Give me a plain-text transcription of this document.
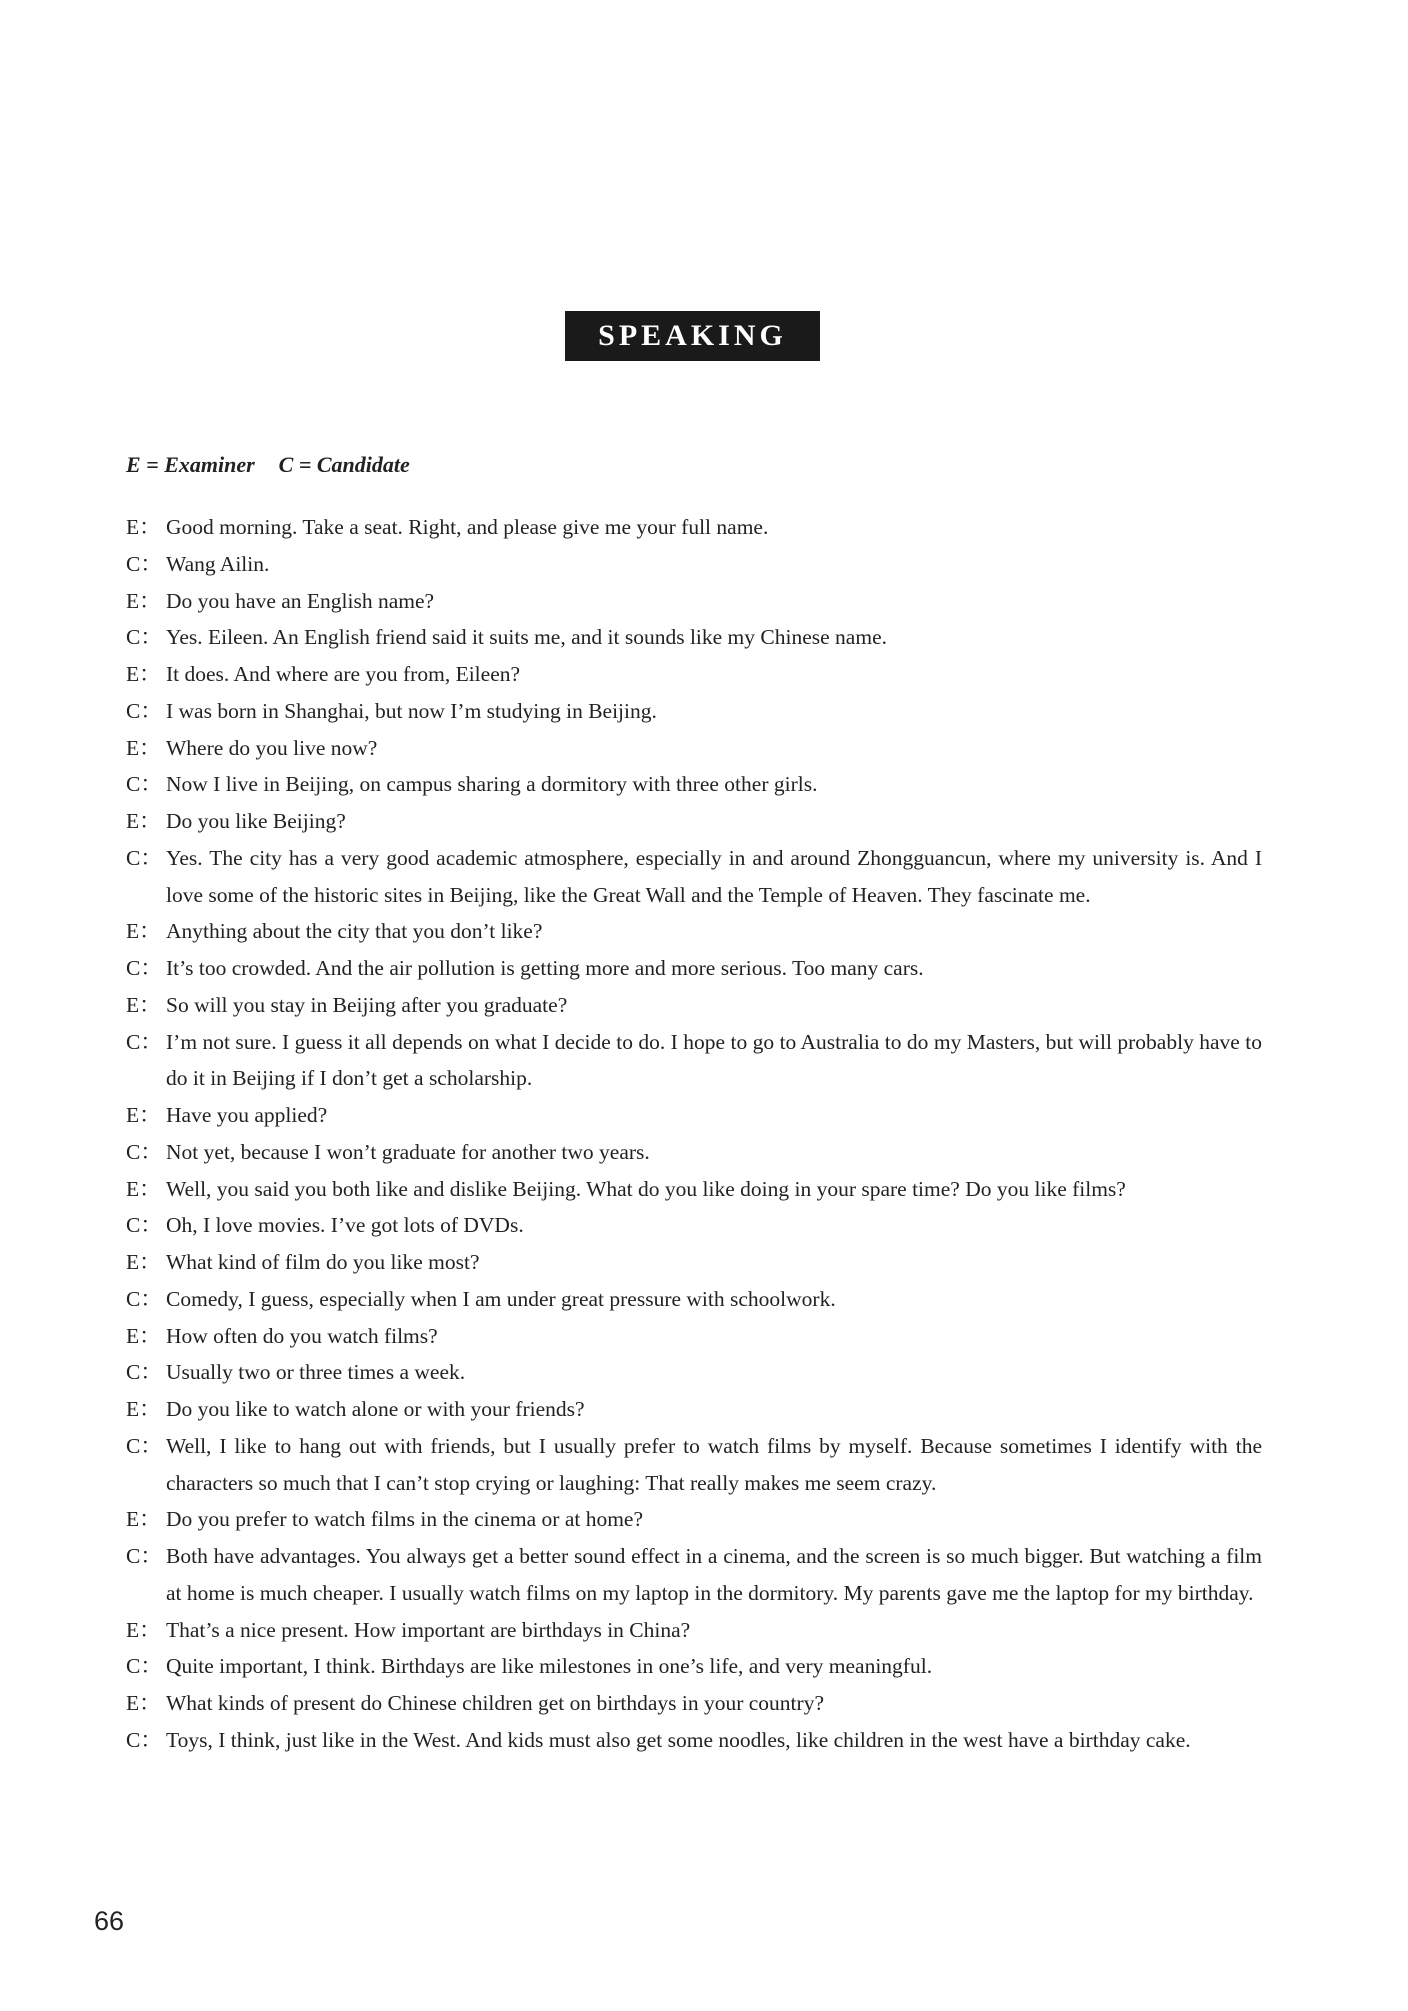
SPEAKING
E = Examiner C = Candidate
E： Good morning. Take a seat. Right, and please give me your full name.
C： Wang Ailin.
E： Do you have an English name?
C： Yes. Eileen. An English friend said it suits me, and it sounds like my Chinese name.
E： It does. And where are you from, Eileen?
C： I was born in Shanghai, but now I’m studying in Beijing.
E： Where do you live now?
C： Now I live in Beijing, on campus sharing a dormitory with three other girls.
E： Do you like Beijing?
C： Yes. The city has a very good academic atmosphere, especially in and around Zhongguancun, where my university is. And I love some of the historic sites in Beijing, like the Great Wall and the Temple of Heaven. They fascinate me.
E： Anything about the city that you don’t like?
C： It’s too crowded. And the air pollution is getting more and more serious. Too many cars.
E： So will you stay in Beijing after you graduate?
C： I’m not sure. I guess it all depends on what I decide to do. I hope to go to Australia to do my Masters, but will probably have to do it in Beijing if I don’t get a scholarship.
E： Have you applied?
C： Not yet, because I won’t graduate for another two years.
E： Well, you said you both like and dislike Beijing. What do you like doing in your spare time? Do you like films?
C： Oh, I love movies. I’ve got lots of DVDs.
E： What kind of film do you like most?
C： Comedy, I guess, especially when I am under great pressure with schoolwork.
E： How often do you watch films?
C： Usually two or three times a week.
E： Do you like to watch alone or with your friends?
C： Well, I like to hang out with friends, but I usually prefer to watch films by myself. Because sometimes I identify with the characters so much that I can’t stop crying or laughing: That really makes me seem crazy.
E： Do you prefer to watch films in the cinema or at home?
C： Both have advantages. You always get a better sound effect in a cinema, and the screen is so much bigger. But watching a film at home is much cheaper. I usually watch films on my laptop in the dormitory. My parents gave me the laptop for my birthday.
E： That’s a nice present. How important are birthdays in China?
C： Quite important, I think. Birthdays are like milestones in one’s life, and very meaningful.
E： What kinds of present do Chinese children get on birthdays in your country?
C： Toys, I think, just like in the West. And kids must also get some noodles, like children in the west have a birthday cake.
66
